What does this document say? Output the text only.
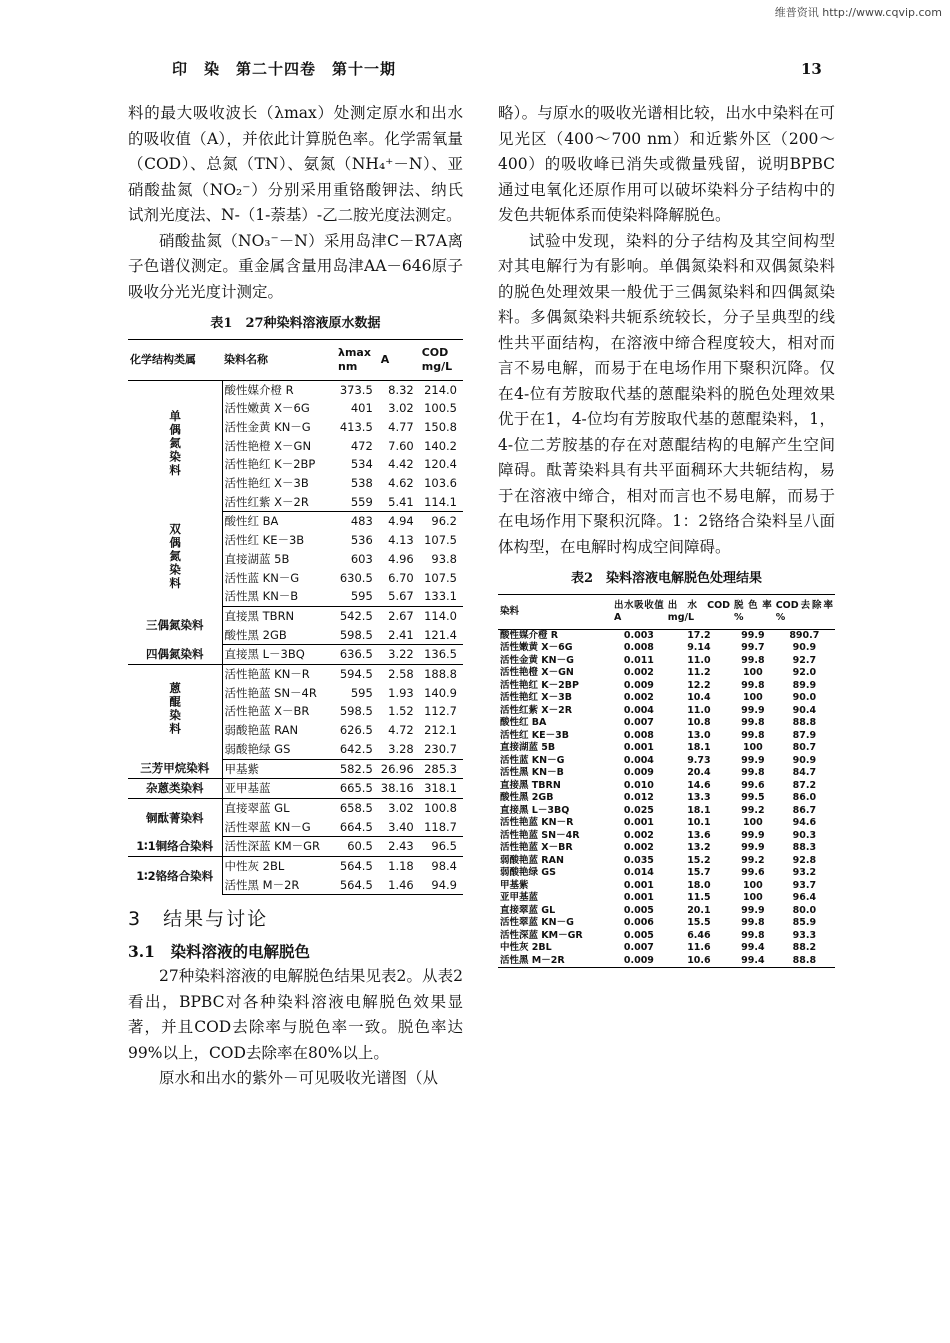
维普资讯 http://www.cqvip.com
印　染　第二十四卷　第十一期	13

料的最大吸收波长（λmax）处测定原水和出水的吸收值（A），并依此计算脱色率。化学需氧量（COD）、总氮（TN）、氨氮（NH₄⁺－N）、亚硝酸盐氮（NO₂⁻）分别采用重铬酸钾法、纳氏试剂光度法、N-（1-萘基）-乙二胺光度法测定。

硝酸盐氮（NO₃⁻－N）采用岛津C－R7A离子色谱仪测定。重金属含量用岛津AA－646原子吸收分光光度计测定。

表1　27种染料溶液原水数据
化学结构类属	染料名称	λmax nm	A	COD mg/L
单偶氮染料	酸性媒介橙 R	373.5	8.32	214.0
	活性嫩黄 X－6G	401	3.02	100.5
	活性金黄 KN－G	413.5	4.77	150.8
	活性艳橙 X－GN	472	7.60	140.2
	活性艳红 K－2BP	534	4.42	120.4
	活性艳红 X－3B	538	4.62	103.6
	活性红紫 X－2R	559	5.41	114.1
双偶氮染料	酸性红 BA	483	4.94	96.2
	活性红 KE－3B	536	4.13	107.5
	直接湖蓝 5B	603	4.96	93.8
	活性蓝 KN－G	630.5	6.70	107.5
	活性黑 KN－B	595	5.67	133.1
三偶氮染料	直接黑 TBRN	542.5	2.67	114.0
	酸性黑 2GB	598.5	2.41	121.4
四偶氮染料	直接黑 L－3BQ	636.5	3.22	136.5
蒽醌染料	活性艳蓝 KN－R	594.5	2.58	188.8
	活性艳蓝 SN－4R	595	1.93	140.9
	活性艳蓝 X－BR	598.5	1.52	112.7
	弱酸艳蓝 RAN	626.5	4.72	212.1
	弱酸艳绿 GS	642.5	3.28	230.7
三芳甲烷染料	甲基紫	582.5	26.96	285.3
杂蒽类染料	亚甲基蓝	665.5	38.16	318.1
铜酞菁染料	直接翠蓝 GL	658.5	3.02	100.8
	活性翠蓝 KN－G	664.5	3.40	118.7
1∶1铜络合染料	活性深蓝 KM－GR	60.5	2.43	96.5
1∶2铬络合染料	中性灰 2BL	564.5	1.18	98.4
	活性黑 M－2R	564.5	1.46	94.9
3　结果与讨论

3.1　染料溶液的电解脱色

27种染料溶液的电解脱色结果见表2。从表2看出，BPBC对各种染料溶液电解脱色效果显著，并且COD去除率与脱色率一致。脱色率达99%以上，COD去除率在80%以上。

原水和出水的紫外－可见吸收光谱图（从

略）。与原水的吸收光谱相比较，出水中染料在可见光区（400～700 nm）和近紫外区（200～400）的吸收峰已消失或微量残留，说明BPBC通过电氧化还原作用可以破坏染料分子结构中的发色共轭体系而使染料降解脱色。

试验中发现，染料的分子结构及其空间构型对其电解行为有影响。单偶氮染料和双偶氮染料的脱色处理效果一般优于三偶氮染料和四偶氮染料。多偶氮染料共轭系统较长，分子呈典型的线性共平面结构，在溶液中缔合程度较大，相对而言不易电解，而易于在电场作用下聚积沉降。仅在4-位有芳胺取代基的蒽醌染料的脱色处理效果优于在1，4-位均有芳胺取代基的蒽醌染料，1，4-位二芳胺基的存在对蒽醌结构的电解产生空间障碍。酞菁染料具有共平面稠环大共轭结构，易于在溶液中缔合，相对而言也不易电解，而易于在电场作用下聚积沉降。1：2铬络合染料呈八面体构型，在电解时构成空间障碍。

表2　染料溶液电解脱色处理结果
染料	出水吸收值A	出水COD mg/L	脱色率 %	COD去除率 %
酸性媒介橙 R	0.003	17.2	99.9	890.7
活性嫩黄 X－6G	0.008	9.14	99.7	90.9
活性金黄 KN－G	0.011	11.0	99.8	92.7
活性艳橙 X－GN	0.002	11.2	100	92.0
活性艳红 K－2BP	0.009	12.2	99.8	89.9
活性艳红 X－3B	0.002	10.4	100	90.0
活性红紫 X－2R	0.004	11.0	99.9	90.4
酸性红 BA	0.007	10.8	99.8	88.8
活性红 KE－3B	0.008	13.0	99.8	87.9
直接湖蓝 5B	0.001	18.1	100	80.7
活性蓝 KN－G	0.004	9.73	99.9	90.9
活性黑 KN－B	0.009	20.4	99.8	84.7
直接黑 TBRN	0.010	14.6	99.6	87.2
酸性黑 2GB	0.012	13.3	99.5	86.0
直接黑 L－3BQ	0.025	18.1	99.2	86.7
活性艳蓝 KN－R	0.001	10.1	100	94.6
活性艳蓝 SN－4R	0.002	13.6	99.9	90.3
活性艳蓝 X－BR	0.002	13.2	99.9	88.3
弱酸艳蓝 RAN	0.035	15.2	99.2	92.8
弱酸艳绿 GS	0.014	15.7	99.6	93.2
甲基紫	0.001	18.0	100	93.7
亚甲基蓝	0.001	11.5	100	96.4
直接翠蓝 GL	0.005	20.1	99.9	80.0
活性翠蓝 KN－G	0.006	15.5	99.8	85.9
活性深蓝 KM－GR	0.005	6.46	99.8	93.3
中性灰 2BL	0.007	11.6	99.4	88.2
活性黑 M－2R	0.009	10.6	99.4	88.8
